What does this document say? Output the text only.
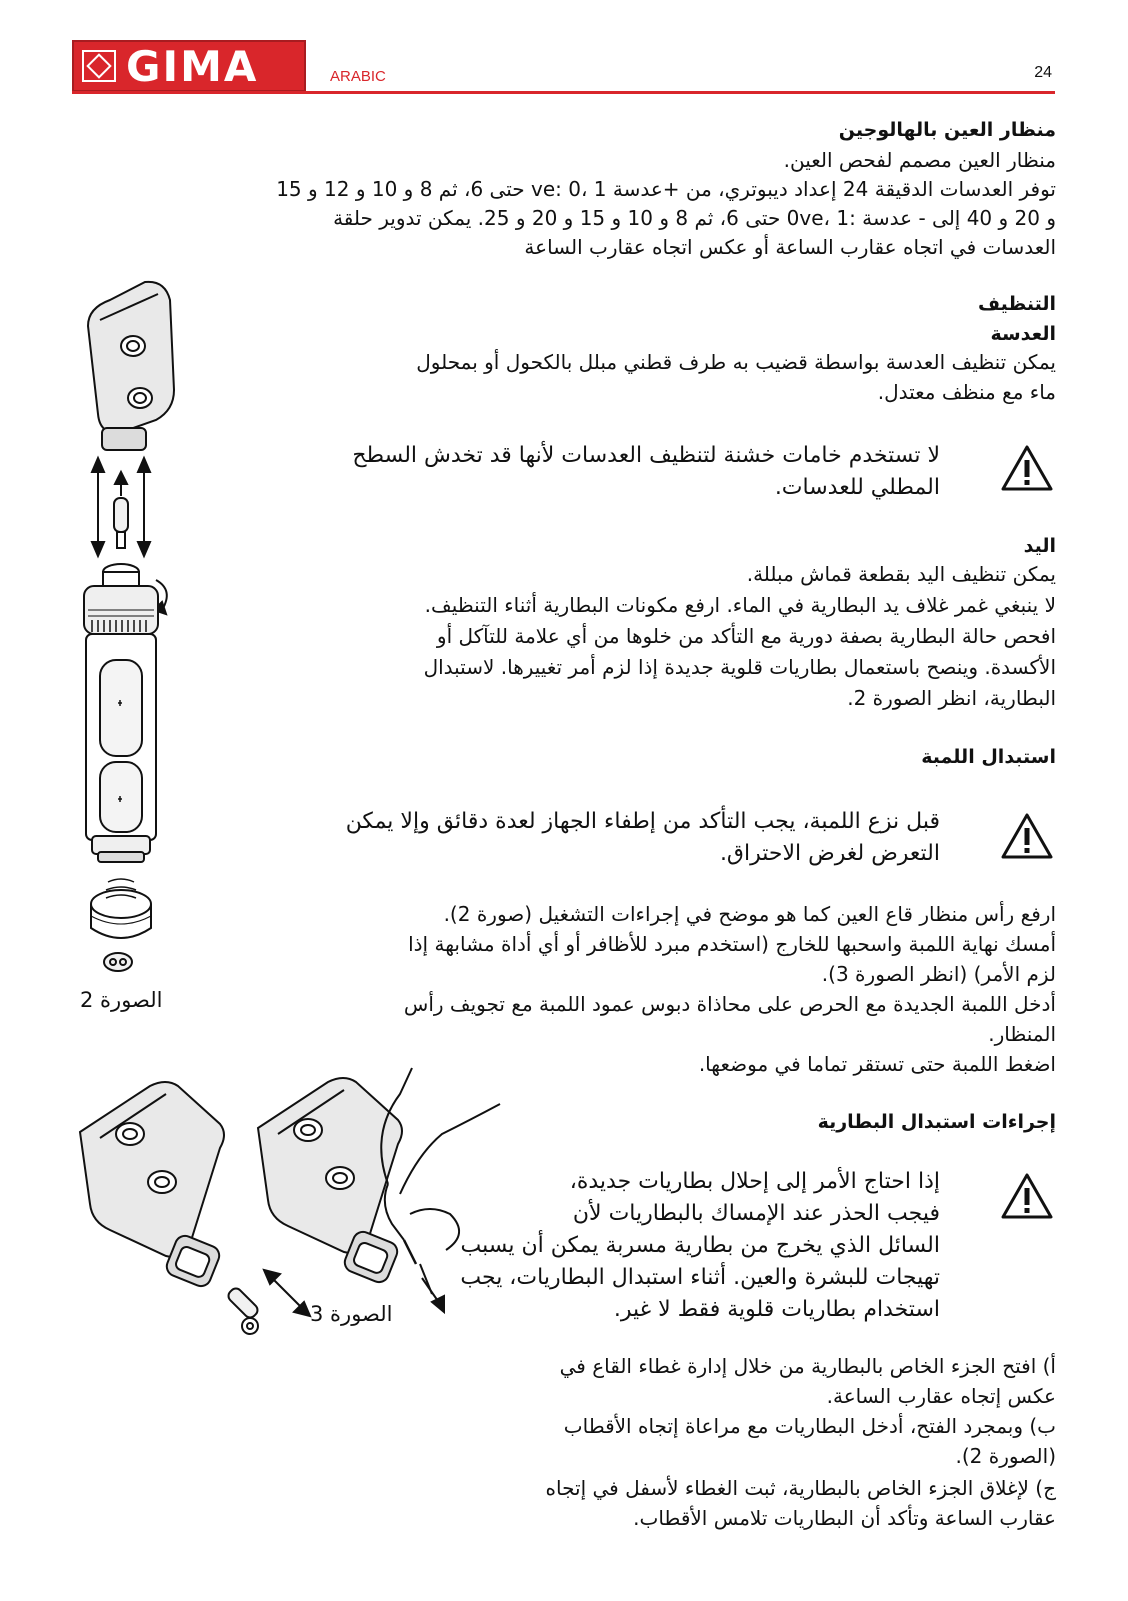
GIMA	ARABIC	24
منظار العين بالهالوجين
منظار العين مصمم لفحص العين.
توفر العدسات الدقيقة 24 إعداد ديبوتري، من +عدسة ve: 0، 1 حتى 6، ثم 8 و 10 و 12 و 15
و 20 و 40 إلى - عدسة :0ve، 1 حتى 6، ثم 8 و 10 و 15 و 20 و 25. يمكن تدوير حلقة
العدسات في اتجاه عقارب الساعة أو عكس اتجاه عقارب الساعة
التنظيف
العدسة
يمكن تنظيف العدسة بواسطة قضيب به طرف قطني مبلل بالكحول أو بمحلول
ماء مع منظف معتدل.
لا تستخدم خامات خشنة لتنظيف العدسات لأنها قد تخدش السطح
المطلي للعدسات.
اليد
يمكن تنظيف اليد بقطعة قماش مبللة.
لا ينبغي غمر غلاف يد البطارية في الماء. ارفع مكونات البطارية أثناء التنظيف.
افحص حالة البطارية بصفة دورية مع التأكد من خلوها من أي علامة للتآكل أو
الأكسدة. وينصح باستعمال بطاريات قلوية جديدة إذا لزم أمر تغييرها. لاستبدال
البطارية، انظر الصورة 2.
استبدال اللمبة
قبل نزع اللمبة، يجب التأكد من إطفاء الجهاز لعدة دقائق وإلا يمكن
التعرض لغرض الاحتراق.
ارفع رأس منظار قاع العين كما هو موضح في إجراءات التشغيل (صورة 2).
أمسك نهاية اللمبة واسحبها للخارج (استخدم مبرد للأظافر أو أي أداة مشابهة إذا
لزم الأمر) (انظر الصورة 3).
أدخل اللمبة الجديدة مع الحرص على محاذاة دبوس عمود اللمبة مع تجويف رأس
المنظار.
اضغط اللمبة حتى تستقر تماما في موضعها.
إجراءات استبدال البطارية
إذا احتاج الأمر إلى إحلال بطاريات جديدة،
فيجب الحذر عند الإمساك بالبطاريات لأن
السائل الذي يخرج من بطارية مسربة يمكن أن يسبب
تهيجات للبشرة والعين. أثناء استبدال البطاريات، يجب
استخدام بطاريات قلوية فقط لا غير.
أ) افتح الجزء الخاص بالبطارية من خلال إدارة غطاء القاع في
عكس إتجاه عقارب الساعة.
ب) وبمجرد الفتح، أدخل البطاريات مع مراعاة إتجاه الأقطاب
(الصورة 2).
ج) لإغلاق الجزء الخاص بالبطارية، ثبت الغطاء لأسفل في إتجاه
عقارب الساعة وتأكد أن البطاريات تلامس الأقطاب.
الصورة 2
الصورة 3
